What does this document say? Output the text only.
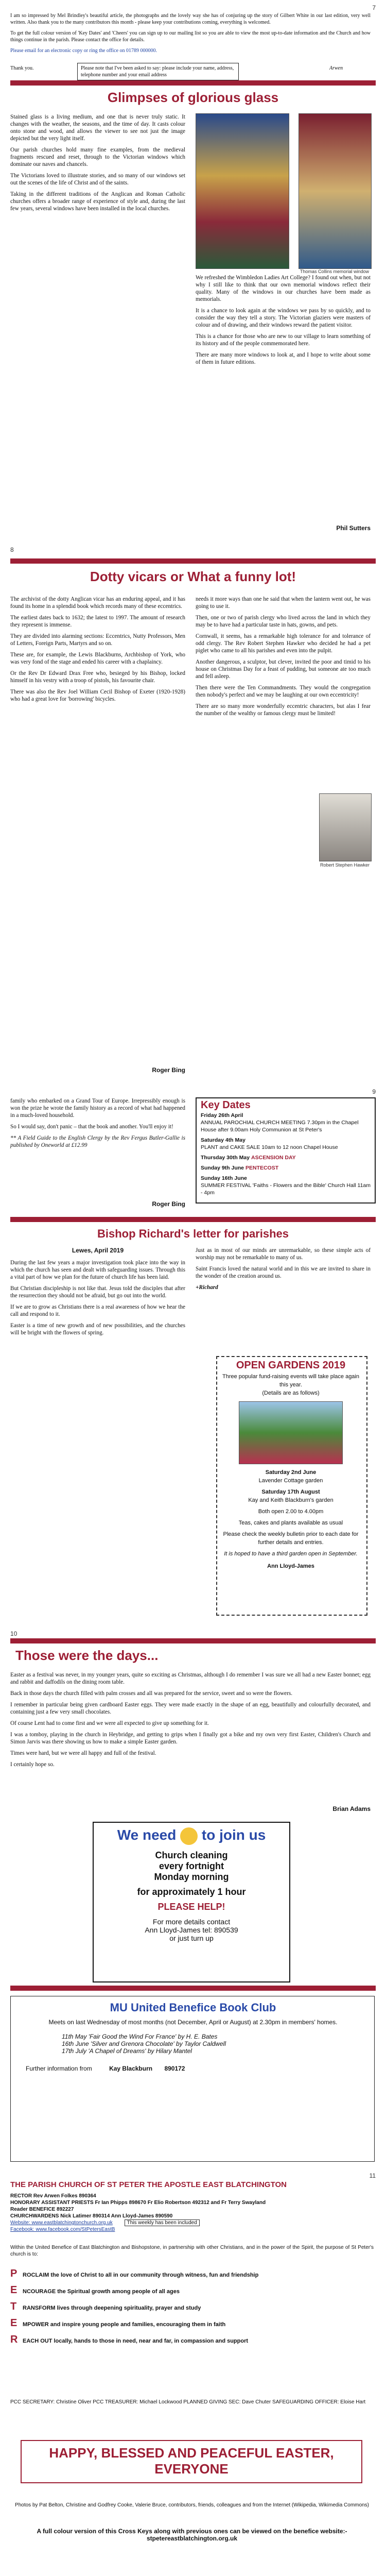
7

I am so impressed by Mel Brindley's beautiful article, the photographs and the lovely way she has of conjuring up the story of Gilbert White in our last edition, very well written. Also thank you to the many contributors this month - please keep your contributions coming, everything is welcomed.

To get the full colour version of 'Key Dates' and 'Cheers' you can sign up to our mailing list so you are able to view the most up-to-date information and the Church and how things continue in the parish. Please contact the office for details.

Please email for an electronic copy or ring the office on 01789 000000.

Thank you.	Please note that I've been asked to say: please include your name, address, telephone number and your email address
Arwen
Glimpses of glorious glass

Stained glass is a living medium, and one that is never truly static. It changes with the weather, the seasons, and the time of day. It casts colour onto stone and wood, and allows the viewer to see not just the image depicted but the very light itself.

Our parish churches hold many fine examples, from the medieval fragments rescued and reset, through to the Victorian windows which dominate our naves and chancels.

The Victorians loved to illustrate stories, and so many of our windows set out the scenes of the life of Christ and of the saints.

Taking in the different traditions of the Anglican and Roman Catholic churches offers a broader range of experience of style and, during the last few years, several windows have been installed in the local churches.

We refreshed the Wimbledon Ladies Art College? I found out when, but not why I still like to think that our own memorial windows reflect their quality. Many of the windows in our churches have been made as memorials.

It is a chance to look again at the windows we pass by so quickly, and to consider the way they tell a story. The Victorian glaziers were masters of colour and of drawing, and their windows reward the patient visitor.

This is a chance for those who are new to our village to learn something of its history and of the people commemorated here.

There are many more windows to look at, and I hope to write about some of them in future editions.

Thomas Collins memorial window
Phil Sutters
8
Dotty vicars or What a funny lot!

The archivist of the dotty Anglican vicar has an enduring appeal, and it has found its home in a splendid book which records many of these eccentrics.

The earliest dates back to 1632; the latest to 1997. The amount of research they represent is immense.

They are divided into alarming sections: Eccentrics, Nutty Professors, Men of Letters, Foreign Parts, Martyrs and so on.

These are, for example, the Lewis Blackburns, Archbishop of York, who was very fond of the stage and ended his career with a chaplaincy.

Or the Rev Dr Edward Drax Free who, besieged by his Bishop, locked himself in his vestry with a troop of pistols, his favourite chair.

There was also the Rev Joel William Cecil Bishop of Exeter (1920-1928) who had a great love for 'borrowing' bicycles.

needs it more ways than one he said that when the lantern went out, he was going to use it.

Then, one or two of parish clergy who lived across the land in which they may be to have had a particular taste in hats, gowns, and pets.

Cornwall, it seems, has a remarkable high tolerance for and tolerance of odd clergy. The Rev Robert Stephen Hawker who decided he had a pet piglet who came to all his parishes and even into the pulpit.

Another dangerous, a sculptor, but clever, invited the poor and timid to his house on Christmas Day for a feast of pudding, but someone ate too much and fell asleep.

Then there were the Ten Commandments. They would the congregation then nobody's perfect and we may be laughing at our own eccentricity!

There are so many more wonderfully eccentric characters, but alas I fear the number of the wealthy or famous clergy must be limited!

Robert Stephen Hawker
Roger Bing
9

family who embarked on a Grand Tour of Europe. Irrepressibly enough is won the prize he wrote the family history as a record of what had happened in a much-loved household.

So I would say, don't panic – that the book and another. You'll enjoy it!

** A Field Guide to the English Clergy by the Rev Fergus Butler-Gallie is published by Oneworld at £12.99

Roger Bing
Key Dates
Friday 26th April
ANNUAL PAROCHIAL CHURCH MEETING 7.30pm in the Chapel House after 9.00am Holy Communion at St Peter's
Saturday 4th May
PLANT and CAKE SALE 10am to 12 noon Chapel House
Thursday 30th May ASCENSION DAY
Sunday 9th June PENTECOST
Sunday 16th June
SUMMER FESTIVAL 'Faiths - Flowers and the Bible' Church Hall 11am - 4pm
Bishop Richard's letter for parishes
Lewes, April 2019

During the last few years a major investigation took place into the way in which the church has seen and dealt with safeguarding issues. Through this a vital part of how we plan for the future of church life has been laid.

But Christian discipleship is not like that. Jesus told the disciples that after the resurrection they should not be afraid, but go out into the world.

If we are to grow as Christians there is a real awareness of how we hear the call and respond to it.

Easter is a time of new growth and of new possibilities, and the churches will be bright with the flowers of spring.

Just as in most of our minds are unremarkable, so these simple acts of worship may not be remarkable to many of us.

Saint Francis loved the natural world and in this we are invited to share in the wonder of the creation around us.

+Richard

OPEN GARDENS 2019
Three popular fund-raising events will take place again this year.
(Details are as follows)
Saturday 2nd June
Lavender Cottage garden
Saturday 17th August
Kay and Keith Blackburn's garden
Both open 2.00 to 4.00pm
Teas, cakes and plants available as usual
Please check the weekly bulletin prior to each date for further details and entries.
It is hoped to have a third garden open in September.
Ann Lloyd-James
10
Those were the days...

Easter as a festival was never, in my younger years, quite so exciting as Christmas, although I do remember I was sure we all had a new Easter bonnet; egg and rabbit and daffodils on the dining room table.

Back in those days the church filled with palm crosses and all was prepared for the service, sweet and so were the flowers.

I remember in particular being given cardboard Easter eggs. They were made exactly in the shape of an egg, beautifully and colourfully decorated, and containing just a few very small chocolates.

Of course Lent had to come first and we were all expected to give up something for it.

I was a tomboy, playing in the church in Heybridge, and getting to grips when I finally got a bike and my own very first Easter, Children's Church and Simon Jarvis was there showing us how to make a simple Easter garden.

Times were hard, but we were all happy and full of the festival.

I certainly hope so.

Brian Adams
We need to join us
Church cleaning
every fortnight
Monday morning
for approximately 1 hour
PLEASE HELP!
For more details contact
Ann Lloyd-James tel: 890539
or just turn up
MU United Benefice Book Club
Meets on last Wednesday of most months (not December, April or August) at 2.30pm in members' homes.
11th May 'Fair Good the Wind For France' by H. E. Bates
16th June 'Silver and Grenora Chocolate' by Taylor Caldwell
17th July 'A Chapel of Dreams' by Hilary Mantel
Further information from	Kay Blackburn 890172
11
THE PARISH CHURCH OF ST PETER THE APOSTLE EAST BLATCHINGTON
RECTOR Rev Arwen Folkes 890364
HONORARY ASSISTANT PRIESTS Fr Ian Phipps 898670 Fr Elio Robertson 492312 and Fr Terry Swayland
Reader BENEFICE 892227
CHURCHWARDENS Nick Latimer 890314 Ann Lloyd-James 890590
Website: www.eastblatchingtonchurch.org.uk	This weekly has been included
Facebook: www.facebook.com/StPetersEastB
Within the United Benefice of East Blatchington and Bishopstone, in partnership with other Christians, and in the power of the Spirit, the purpose of St Peter's church is to:
PROCLAIM the love of Christ to all in our community through witness, fun and friendship
ENCOURAGE the Spiritual growth among people of all ages
T RANSFORM lives through deepening spirituality, prayer and study
EMPOWER and inspire young people and families, encouraging them in faith
REACH OUT locally, hands to those in need, near and far, in compassion and support
PCC SECRETARY: Christine Oliver PCC TREASURER: Michael Lockwood PLANNED GIVING SEC: Dave Chuter SAFEGUARDING OFFICER: Eloise Hart
HAPPY, BLESSED AND PEACEFUL EASTER, EVERYONE
Photos by Pat Belton, Christine and Godfrey Cooke, Valerie Bruce, contributors, friends, colleagues and from the Internet (Wikipedia, Wikimedia Commons)
A full colour version of this Cross Keys along with previous ones can be viewed on the benefice website:- stpetereastblatchington.org.uk
